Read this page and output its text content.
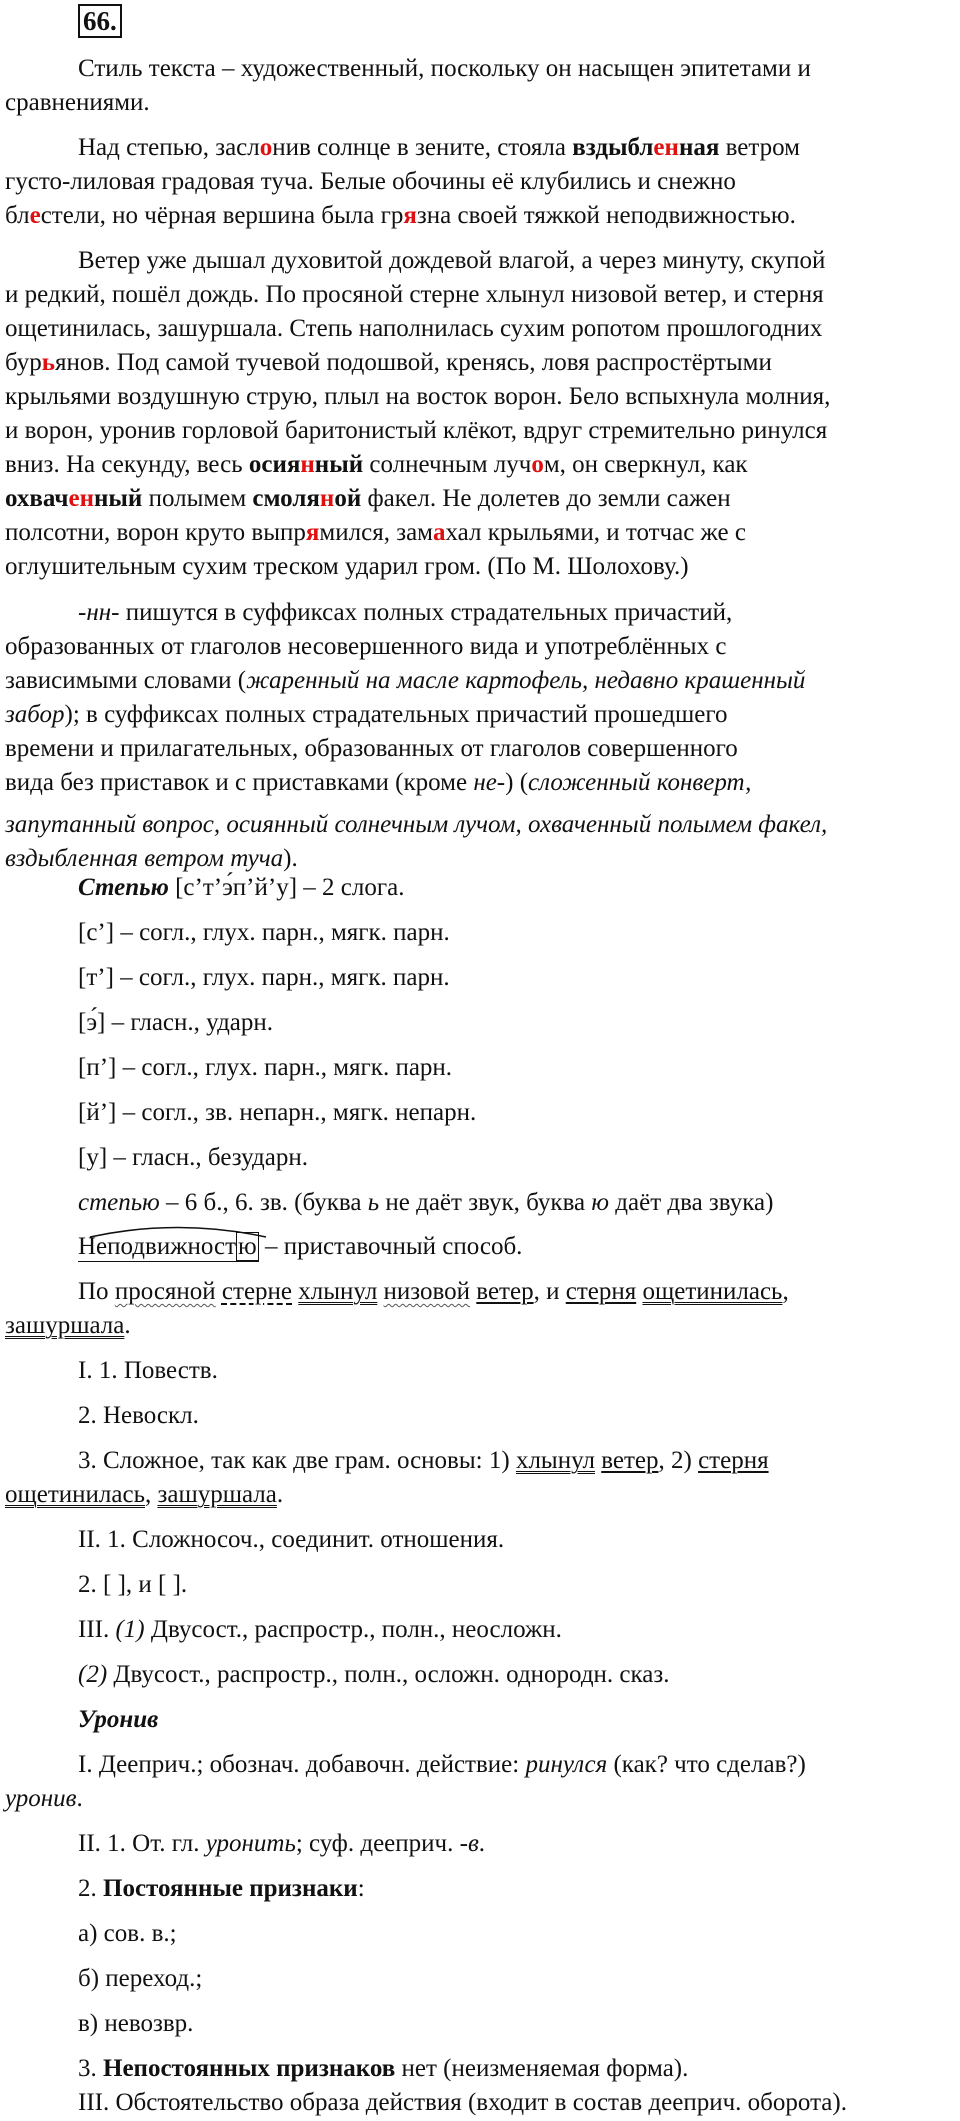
66.
Стиль текста – художественный, поскольку он насыщен эпитетами и
сравнениями.
Над степью, заслонив солнце в зените, стояла вздыбленная ветром
густо-лиловая градовая туча. Белые обочины её клубились и снежно
блестели, но чёрная вершина была грязна своей тяжкой неподвижностью.
Ветер уже дышал духовитой дождевой влагой, а через минуту, скупой
и редкий, пошёл дождь. По просяной стерне хлынул низовой ветер, и стерня
ощетинилась, зашуршала. Степь наполнилась сухим ропотом прошлогодних
бурьянов. Под самой тучевой подошвой, кренясь, ловя распростёртыми
крыльями воздушную струю, плыл на восток ворон. Бело вспыхнула молния,
и ворон, уронив горловой баритонистый клёкот, вдруг стремительно ринулся
вниз. На секунду, весь осиянный солнечным лучом, он сверкнул, как
охваченный полымем смоляной факел. Не долетев до земли сажен
полсотни, ворон круто выпрямился, замахал крыльями, и тотчас же с
оглушительным сухим треском ударил гром. (По М. Шолохову.)
-нн- пишутся в суффиксах полных страдательных причастий,
образованных от глаголов несовершенного вида и употреблённых с
зависимыми словами (жаренный на масле картофель, недавно крашенный
забор); в суффиксах полных страдательных причастий прошедшего
времени и прилагательных, образованных от глаголов совершенного
вида без приставок и с приставками (кроме не-) (сложенный конверт,
запутанный вопрос, осиянный солнечным лучом, охваченный полымем факел,
вздыбленная ветром туча).
Степью [с’т’э́п’й’у] – 2 слога.
[с’] – согл., глух. парн., мягк. парн.
[т’] – согл., глух. парн., мягк. парн.
[э́] – гласн., ударн.
[п’] – согл., глух. парн., мягк. парн.
[й’] – согл., зв. непарн., мягк. непарн.
[у] – гласн., безударн.
степью – 6 б., 6. зв. (буква ь не даёт звук, буква ю даёт два звука)
Неподвижностю
– приставочный способ.
По просяной стерне хлынул низовой ветер, и стерня ощетинилась,
зашуршала.
I. 1. Повеств.
2. Невоскл.
3. Сложное, так как две грам. основы: 1) хлынул ветер, 2) стерня
ощетинилась, зашуршала.
II. 1. Сложносоч., соединит. отношения.
2. [ ], и [ ].
III. (1) Двусост., распростр., полн., неосложн.
(2) Двусост., распростр., полн., осложн. однородн. сказ.
Уронив
I. Дееприч.; обознач. добавочн. действие: ринулся (как? что сделав?)
уронив.
II. 1. От. гл. уронить; суф. дееприч. -в.
2. Постоянные признаки:
а) сов. в.;
б) переход.;
в) невозвр.
3. Непостоянных признаков нет (неизменяемая форма).
III. Обстоятельство образа действия (входит в состав дееприч. оборота).
